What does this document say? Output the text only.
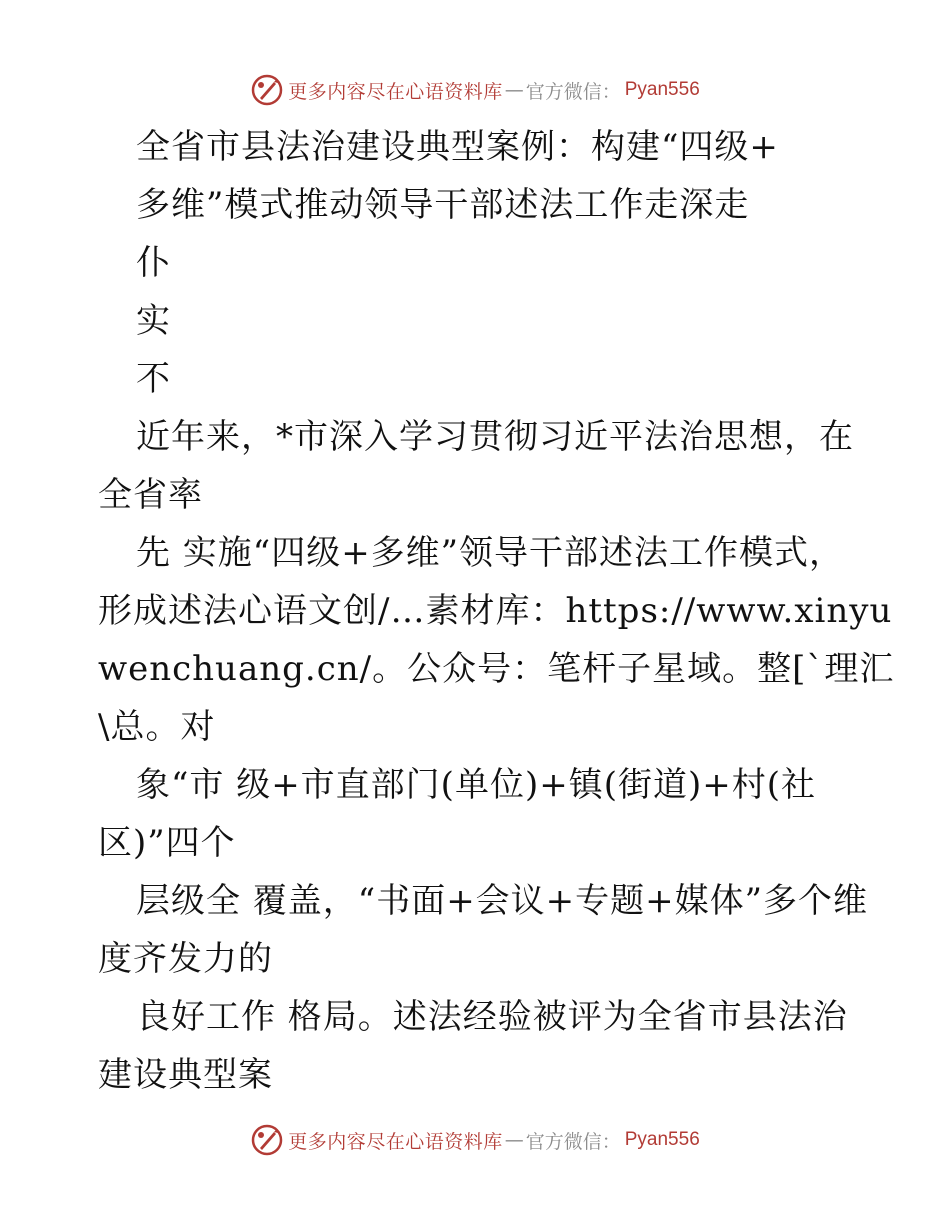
更多内容尽在心语资料库 — 官方微信： Pyan556
全省市县法治建设典型案例：构建“四级+
多维”模式推动领导干部述法工作走深走
仆
实
不
近年来，*市深入学习贯彻习近平法治思想，在
全省率
先 实施“四级+多维”领导干部述法工作模式，
形成述法心语文创/…素材库：https://www.xinyu
wenchuang.cn/。公众号：笔杆子星域。整[`理汇
\总。对
象“市 级+市直部门(单位)+镇(街道)+村(社
区)”四个
层级全 覆盖，“书面+会议+专题+媒体”多个维
度齐发力的
良好工作 格局。述法经验被评为全省市县法治
建设典型案
更多内容尽在心语资料库 — 官方微信： Pyan556
